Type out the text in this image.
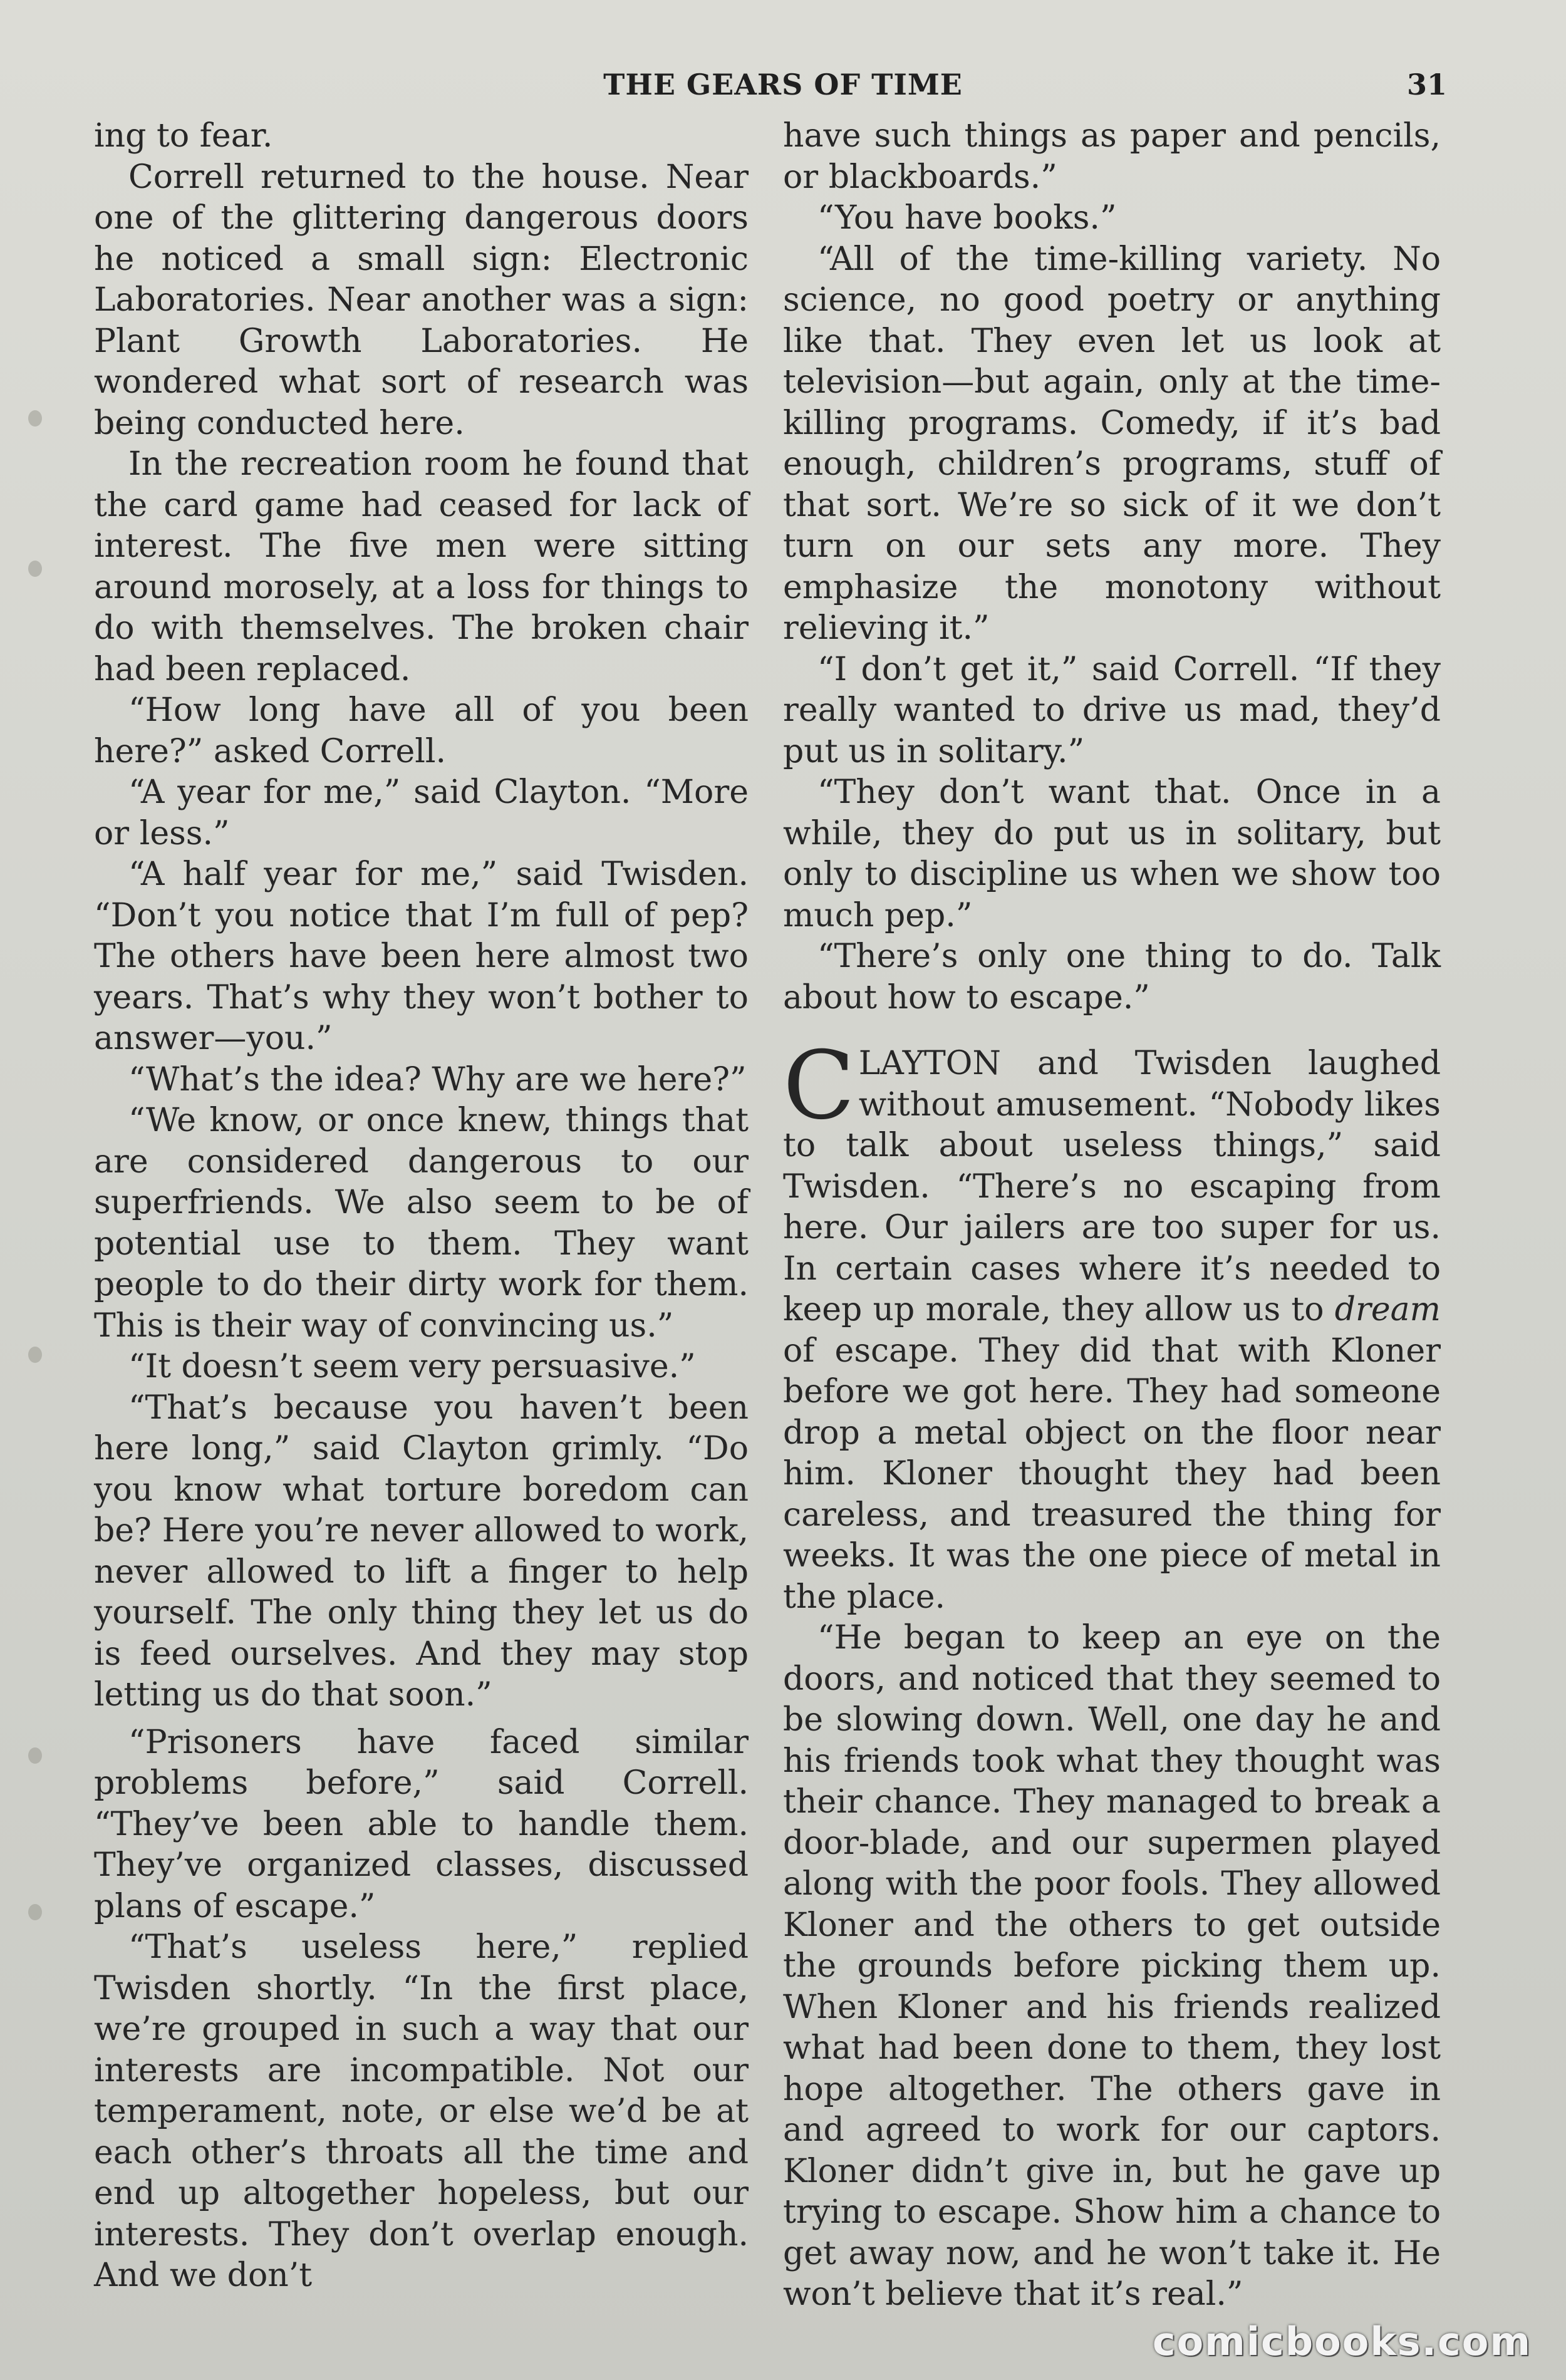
THE GEARS OF TIME	31

ing to fear.

Correll returned to the house. Near one of the glittering dangerous doors he noticed a small sign: Electronic Laboratories. Near another was a sign: Plant Growth Laboratories. He wondered what sort of research was being conducted here.

In the recreation room he found that the card game had ceased for lack of interest. The five men were sitting around morosely, at a loss for things to do with themselves. The broken chair had been replaced.

“How long have all of you been here?” asked Correll.

“A year for me,” said Clayton. “More or less.”

“A half year for me,” said Twisden. “Don’t you notice that I’m full of pep? The others have been here almost two years. That’s why they won’t bother to answer—you.”

“What’s the idea? Why are we here?”

“We know, or once knew, things that are considered dangerous to our superfriends. We also seem to be of potential use to them. They want people to do their dirty work for them. This is their way of convincing us.”

“It doesn’t seem very persuasive.”

“That’s because you haven’t been here long,” said Clayton grimly. “Do you know what torture boredom can be? Here you’re never allowed to work, never allowed to lift a finger to help yourself. The only thing they let us do is feed ourselves. And they may stop letting us do that soon.”

“Prisoners have faced similar problems before,” said Correll. “They’ve been able to handle them. They’ve organized classes, discussed plans of escape.”

“That’s useless here,” replied Twisden shortly. “In the first place, we’re grouped in such a way that our interests are incompatible. Not our temperament, note, or else we’d be at each other’s throats all the time and end up altogether hopeless, but our interests. They don’t overlap enough. And we don’t

have such things as paper and pencils, or blackboards.”

“You have books.”

“All of the time-killing variety. No science, no good poetry or anything like that. They even let us look at television—but again, only at the time-killing programs. Comedy, if it’s bad enough, children’s programs, stuff of that sort. We’re so sick of it we don’t turn on our sets any more. They emphasize the monotony without relieving it.”

“I don’t get it,” said Correll. “If they really wanted to drive us mad, they’d put us in solitary.”

“They don’t want that. Once in a while, they do put us in solitary, but only to discipline us when we show too much pep.”

“There’s only one thing to do. Talk about how to escape.”

CLAYTON and Twisden laughed without amusement. “Nobody likes to talk about useless things,” said Twisden. “There’s no escaping from here. Our jailers are too super for us. In certain cases where it’s needed to keep up morale, they allow us to dream of escape. They did that with Kloner before we got here. They had someone drop a metal object on the floor near him. Kloner thought they had been careless, and treasured the thing for weeks. It was the one piece of metal in the place.

“He began to keep an eye on the doors, and noticed that they seemed to be slowing down. Well, one day he and his friends took what they thought was their chance. They managed to break a door-blade, and our supermen played along with the poor fools. They allowed Kloner and the others to get outside the grounds before picking them up. When Kloner and his friends realized what had been done to them, they lost hope altogether. The others gave in and agreed to work for our captors. Kloner didn’t give in, but he gave up trying to escape. Show him a chance to get away now, and he won’t take it. He won’t believe that it’s real.”

comicbooks.com
